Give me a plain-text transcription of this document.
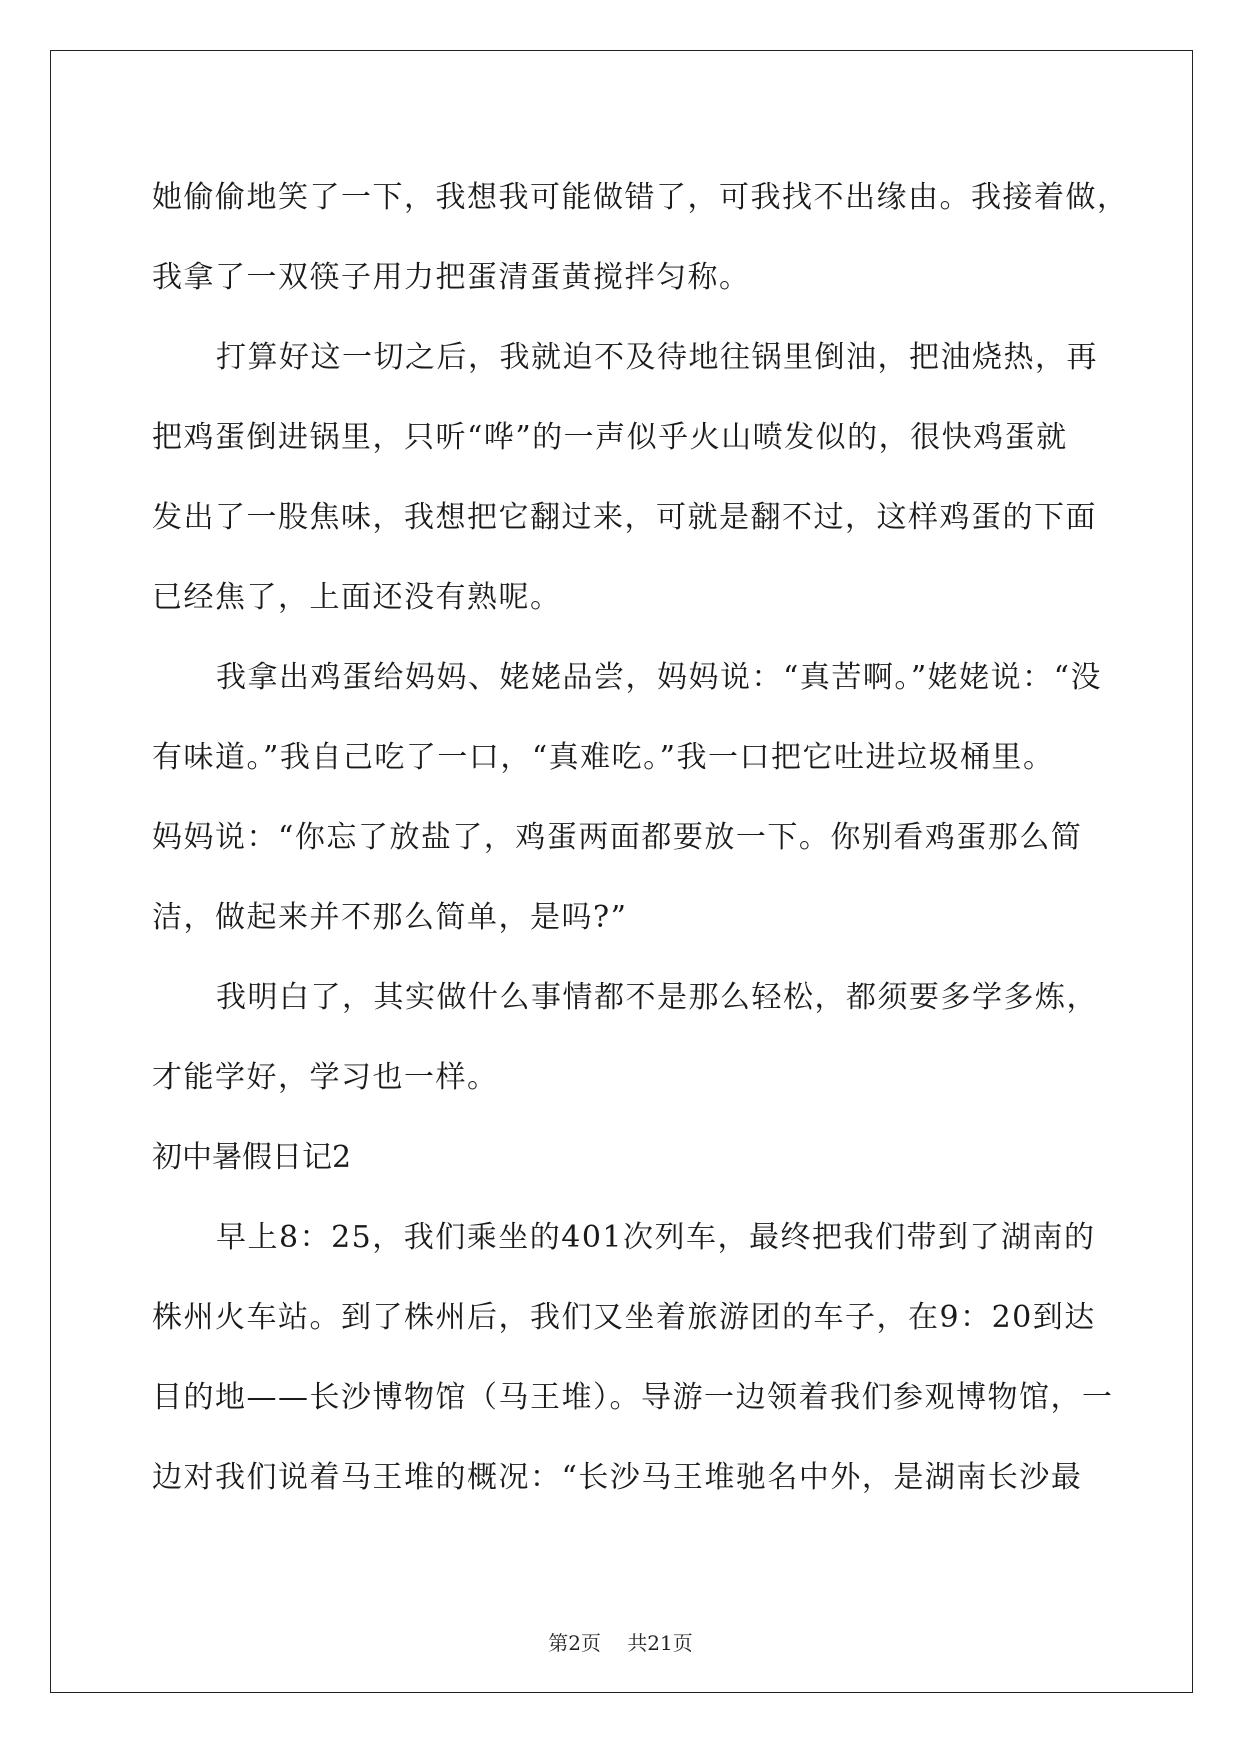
她偷偷地笑了一下，我想我可能做错了，可我找不出缘由。我接着做，
我拿了一双筷子用力把蛋清蛋黄搅拌匀称。
打算好这一切之后，我就迫不及待地往锅里倒油，把油烧热，再
把鸡蛋倒进锅里，只听“哗”的一声似乎火山喷发似的，很快鸡蛋就
发出了一股焦味，我想把它翻过来，可就是翻不过，这样鸡蛋的下面
已经焦了，上面还没有熟呢。
我拿出鸡蛋给妈妈、姥姥品尝，妈妈说：“真苦啊。”姥姥说：“没
有味道。”我自己吃了一口，“真难吃。”我一口把它吐进垃圾桶里。
妈妈说：“你忘了放盐了，鸡蛋两面都要放一下。你别看鸡蛋那么简
洁，做起来并不那么简单，是吗?”
我明白了，其实做什么事情都不是那么轻松，都须要多学多炼，
才能学好，学习也一样。
初中暑假日记2
早上8：25，我们乘坐的401次列车，最终把我们带到了湖南的
株州火车站。到了株州后，我们又坐着旅游团的车子，在9：20到达
目的地——长沙博物馆（马王堆）。导游一边领着我们参观博物馆，一
边对我们说着马王堆的概况：“长沙马王堆驰名中外，是湖南长沙最
第2页 共21页
